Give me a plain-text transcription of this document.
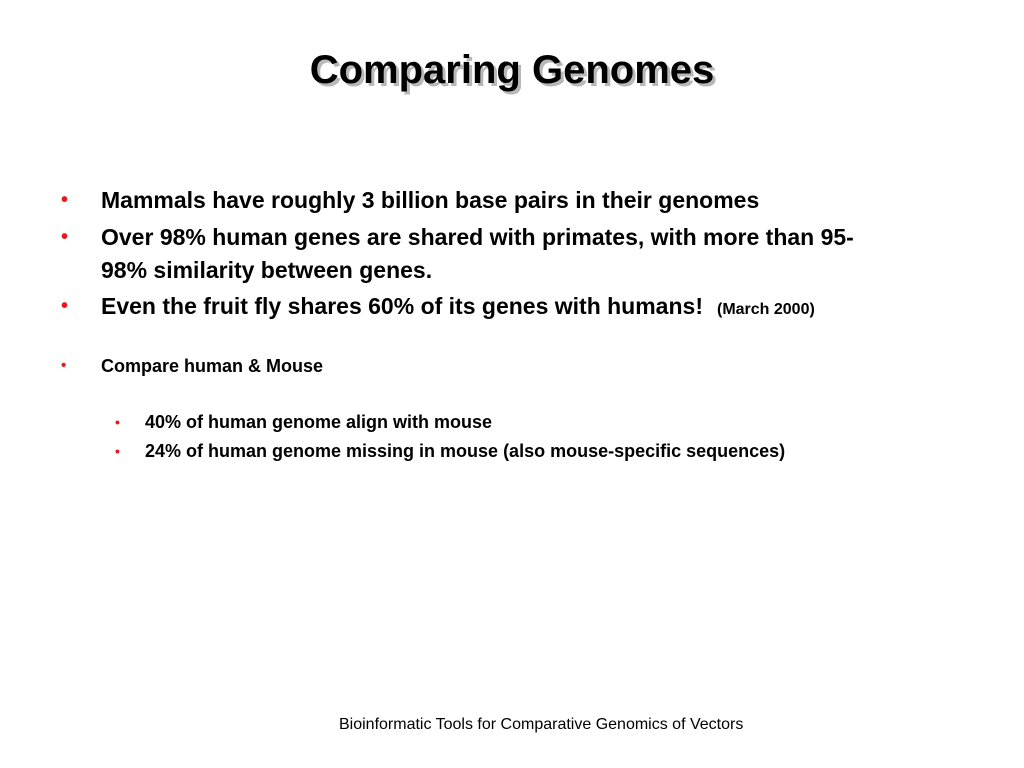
Comparing Genomes
• Mammals have roughly 3 billion base pairs in their genomes
• Over 98% human genes are shared with primates, with more than 95-
98% similarity between genes.
• Even the fruit fly shares 60% of its genes with humans! (March 2000)
• Compare human & Mouse
• 40% of human genome align with mouse
• 24% of human genome missing in mouse (also mouse-specific sequences)
Bioinformatic Tools for Comparative Genomics of Vectors
